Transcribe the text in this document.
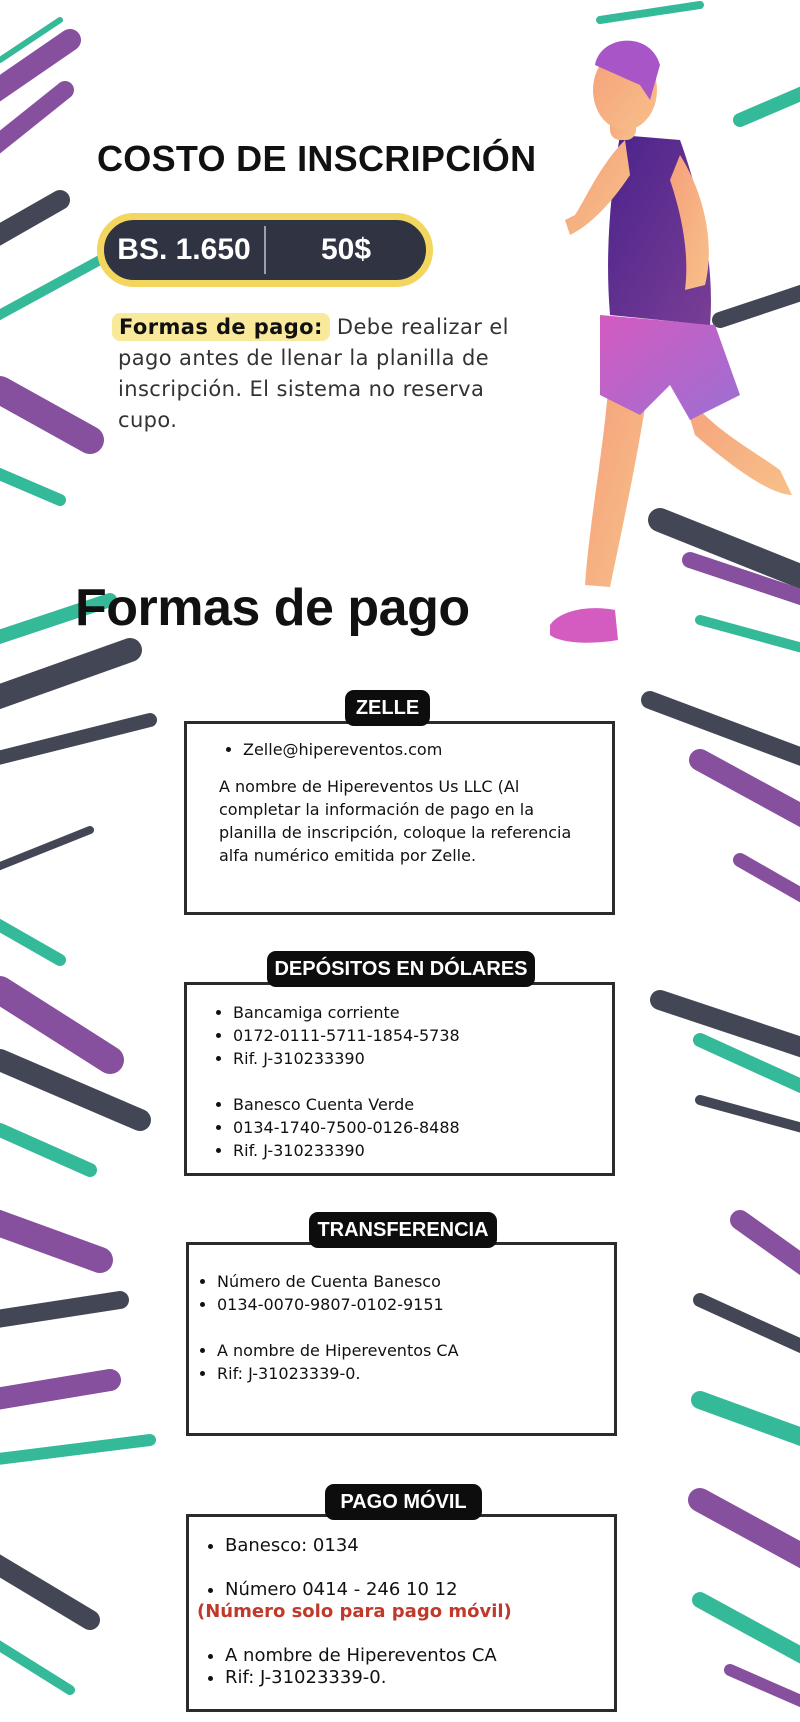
COSTO DE INSCRIPCIÓN
BS. 1.650	50$

Formas de pago: Debe realizar el pago antes de llenar la planilla de inscripción. El sistema no reserva cupo.

Formas de pago
• Zelle@hipereventos.com

A nombre de Hipereventos Us LLC (Al completar la información de pago en la planilla de inscripción, coloque la referencia alfa numérico emitida por Zelle.

ZELLE
• Bancamiga corriente
• 0172-0111-5711-1854-5738
• Rif. J-310233390
• Banesco Cuenta Verde
• 0134-1740-7500-0126-8488
• Rif. J-310233390
DEPÓSITOS EN DÓLARES
• Número de Cuenta Banesco
• 0134-0070-9807-0102-9151
• A nombre de Hipereventos CA
• Rif: J-31023339-0.
TRANSFERENCIA
• Banesco: 0134
• Número 0414 - 246 10 12

(Número solo para pago móvil)

• A nombre de Hipereventos CA
• Rif: J-31023339-0.
PAGO MÓVIL
